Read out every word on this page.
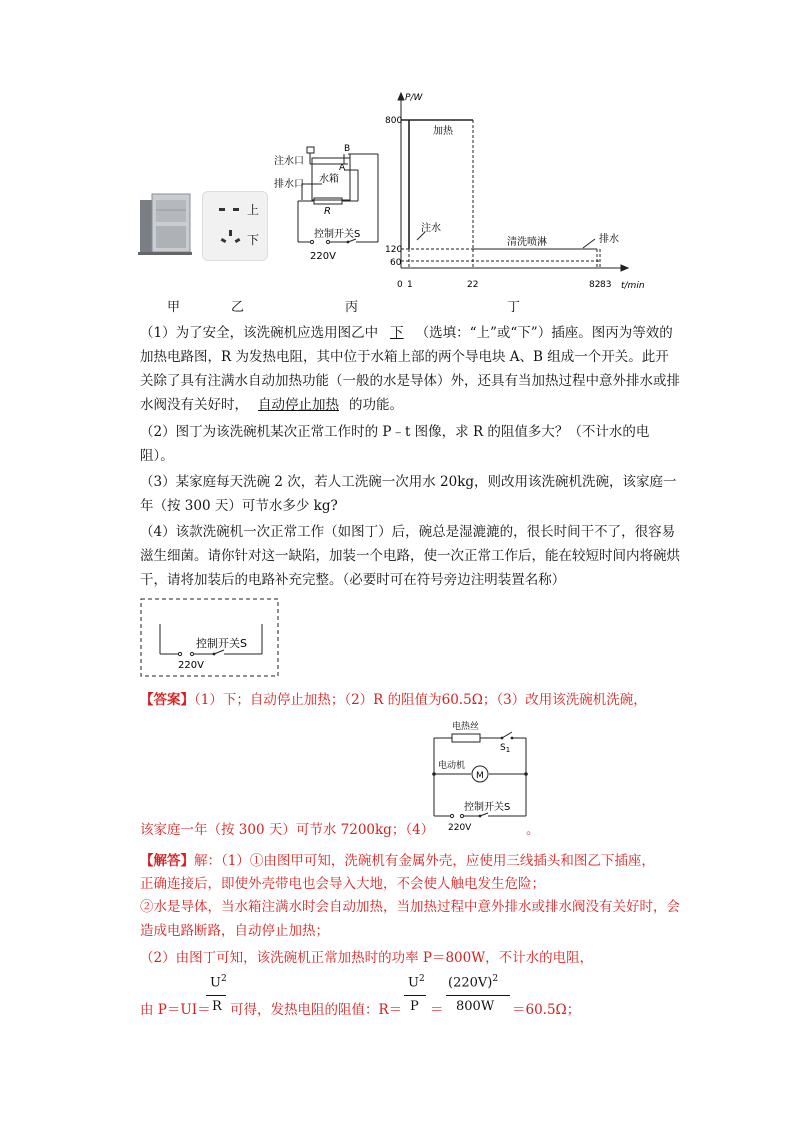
上
下
注水口
排水口 水箱
R
A
B
控制开关S
220V
P/W
t/min
800
120
60
0 1	22	82 83
加热
注水
清洗喷淋	排水
甲	乙	丙	丁
（1）为了安全，该洗碗机应选用图乙中 下 （选填：“上”或“下”）插座。图丙为等效的加热电路图，R 为发热电阻，其中位于水箱上部的两个导电块 A、B 组成一个开关。此开关除了具有注满水自动加热功能（一般的水是导体）外，还具有当加热过程中意外排水或排水阀没有关好时， 自动停止加热 的功能。
（2）图丁为该洗碗机某次正常工作时的 P﹣t 图像，求 R 的阻值多大？（不计水的电阻）。
（3）某家庭每天洗碗 2 次，若人工洗碗一次用水 20kg，则改用该洗碗机洗碗，该家庭一年（按 300 天）可节水多少 kg?
（4）该款洗碗机一次正常工作（如图丁）后，碗总是湿漉漉的，很长时间干不了，很容易滋生细菌。请你针对这一缺陷，加装一个电路，使一次正常工作后，能在较短时间内将碗烘干，请将加装后的电路补充完整。（必要时可在符号旁边注明装置名称）
控制开关S
220V
【答案】（1）下；自动停止加热；（2）R 的阻值为60.5Ω；（3）改用该洗碗机洗碗，
电热丝
$S_1$
电动机
M
控制开关S
220V
该家庭一年（按 300 天）可节水 7200kg；（4）	。
【解答】解：（1）①由图甲可知，洗碗机有金属外壳，应使用三线插头和图乙下插座，
正确连接后，即使外壳带电也会导入大地，不会使人触电发生危险；
②水是导体，当水箱注满水时会自动加热，当加热过程中意外排水或排水阀没有关好时，会造成电路断路，自动停止加热；
（2）由图丁可知，该洗碗机正常加热时的功率 P＝800W，不计水的电阻，
由 P＝UI＝
$U^2$
R 可得，发热电阻的阻值：R＝
$U^2$
P ＝
$(220V)^2$
800W ＝60.5Ω；
